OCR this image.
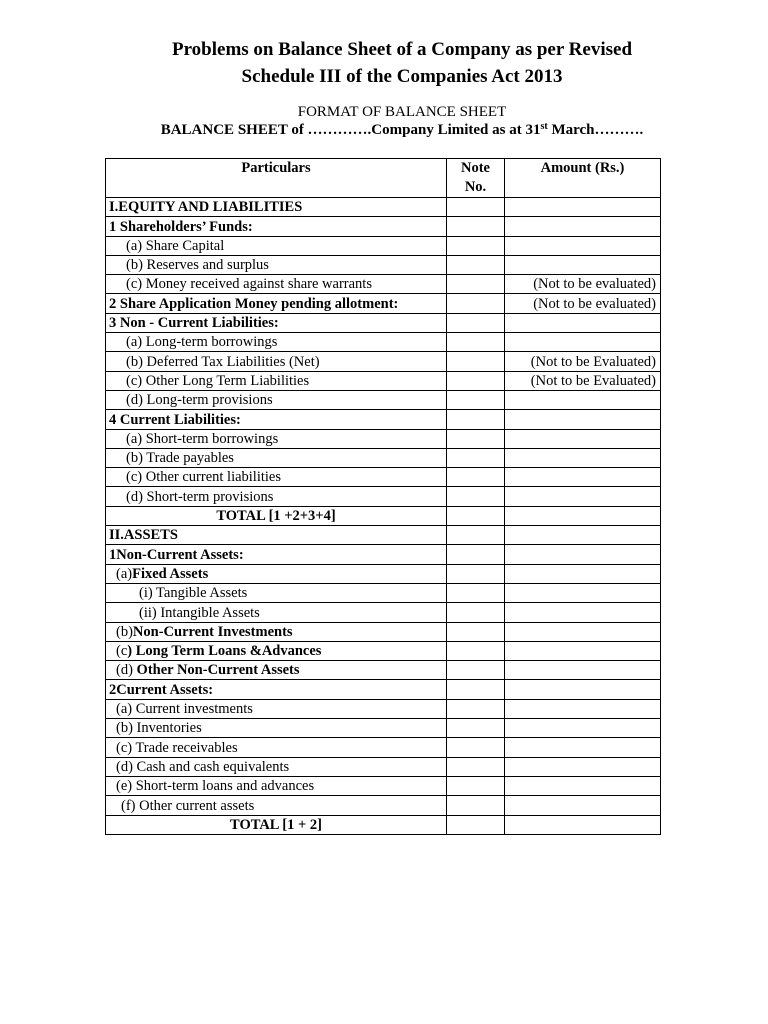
Problems on Balance Sheet of a Company as per Revised
Schedule III of the Companies Act 2013
FORMAT OF BALANCE SHEET
BALANCE SHEET of ………….Company Limited as at 31st March……….
Particulars	Note No.	Amount (Rs.)
I.EQUITY AND LIABILITIES		
1 Shareholders’ Funds:		
(a) Share Capital		
(b) Reserves and surplus		
(c) Money received against share warrants		(Not to be evaluated)
2 Share Application Money pending allotment:		(Not to be evaluated)
3 Non - Current Liabilities:		
(a) Long-term borrowings		
(b) Deferred Tax Liabilities (Net)		(Not to be Evaluated)
(c) Other Long Term Liabilities		(Not to be Evaluated)
(d) Long-term provisions		
4 Current Liabilities:		
(a) Short-term borrowings		
(b) Trade payables		
(c) Other current liabilities		
(d) Short-term provisions		
TOTAL [1 +2+3+4]		
II.ASSETS		
1Non-Current Assets:		
(a)Fixed Assets		
(i) Tangible Assets		
(ii) Intangible Assets		
(b)Non-Current Investments		
(c) Long Term Loans &Advances		
(d) Other Non-Current Assets		
2Current Assets:		
(a) Current investments		
(b) Inventories		
(c) Trade receivables		
(d) Cash and cash equivalents		
(e) Short-term loans and advances		
(f) Other current assets		
TOTAL [1 + 2]		
